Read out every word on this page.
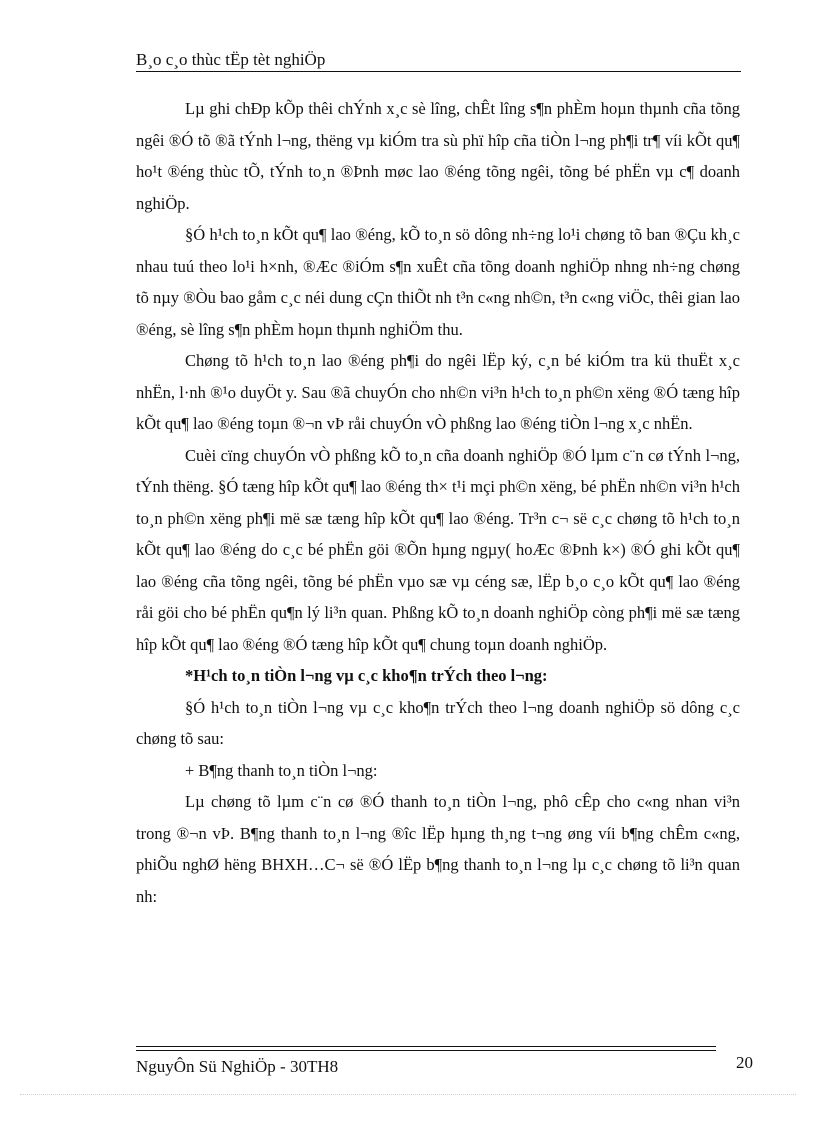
B¸o c¸o thùc tËp tèt nghiÖp

Lµ ghi chÐp kÕp thêi chÝnh x¸c sè lîng, chÊt lîng s¶n phÈm hoµn thµnh cña tõng ngêi ®Ó tõ ®ã tÝnh l¬ng, thëng vµ kiÓm tra sù phï hîp cña tiÒn l¬ng ph¶i tr¶ víi kÕt qu¶ ho¹t ®éng thùc tÕ, tÝnh to¸n ®Þnh møc lao ®éng tõng ngêi, tõng bé phËn vµ c¶ doanh nghiÖp.

§Ó h¹ch to¸n kÕt qu¶ lao ®éng, kÕ to¸n sö dông nh÷ng lo¹i chøng tõ ban ®Çu kh¸c nhau tuú theo lo¹i h×nh, ®Æc ®iÓm s¶n xuÊt cña tõng doanh nghiÖp nhng nh÷ng chøng tõ nµy ®Òu bao gåm c¸c néi dung cÇn thiÕt nh t³n c«ng nh©n, t³n c«ng viÖc, thêi gian lao ®éng, sè lîng s¶n phÈm hoµn thµnh nghiÖm thu.

Chøng tõ h¹ch to¸n lao ®éng ph¶i do ngêi lËp ký, c¸n bé kiÓm tra kü thuËt x¸c nhËn, l·nh ®¹o duyÖt y. Sau ®ã chuyÓn cho nh©n vi³n h¹ch to¸n ph©n xëng ®Ó tæng hîp kÕt qu¶ lao ®éng toµn ®¬n vÞ råi chuyÓn vÒ phßng lao ®éng tiÒn l¬ng x¸c nhËn.

Cuèi cïng chuyÓn vÒ phßng kÕ to¸n cña doanh nghiÖp ®Ó lµm c¨n cø tÝnh l¬ng, tÝnh thëng. §Ó tæng hîp kÕt qu¶ lao ®éng th× t¹i mçi ph©n xëng, bé phËn nh©n vi³n h¹ch to¸n ph©n xëng ph¶i më sæ tæng hîp kÕt qu¶ lao ®éng. Tr³n c¬ së c¸c chøng tõ h¹ch to¸n kÕt qu¶ lao ®éng do c¸c bé phËn göi ®Õn hµng ngµy( hoÆc ®Þnh k×) ®Ó ghi kÕt qu¶ lao ®éng cña tõng ngêi, tõng bé phËn vµo sæ vµ céng sæ, lËp b¸o c¸o kÕt qu¶ lao ®éng råi göi cho bé phËn qu¶n lý li³n quan. Phßng kÕ to¸n doanh nghiÖp còng ph¶i më sæ tæng hîp kÕt qu¶ lao ®éng ®Ó tæng hîp kÕt qu¶ chung toµn doanh nghiÖp.

*H¹ch to¸n tiÒn l¬ng vµ c¸c kho¶n trÝch theo l¬ng:

§Ó h¹ch to¸n tiÒn l¬ng vµ c¸c kho¶n trÝch theo l¬ng doanh nghiÖp sö dông c¸c chøng tõ sau:

+ B¶ng thanh to¸n tiÒn l¬ng:

Lµ chøng tõ lµm c¨n cø ®Ó thanh to¸n tiÒn l¬ng, phô cÊp cho c«ng nhan vi³n trong ®¬n vÞ. B¶ng thanh to¸n l¬ng ®îc lËp hµng th¸ng t¬ng øng víi b¶ng chÊm c«ng, phiÕu nghØ hëng BHXH…C¬ së ®Ó lËp b¶ng thanh to¸n l¬ng lµ c¸c chøng tõ li³n quan nh:

NguyÔn Sü NghiÖp - 30TH8	20
